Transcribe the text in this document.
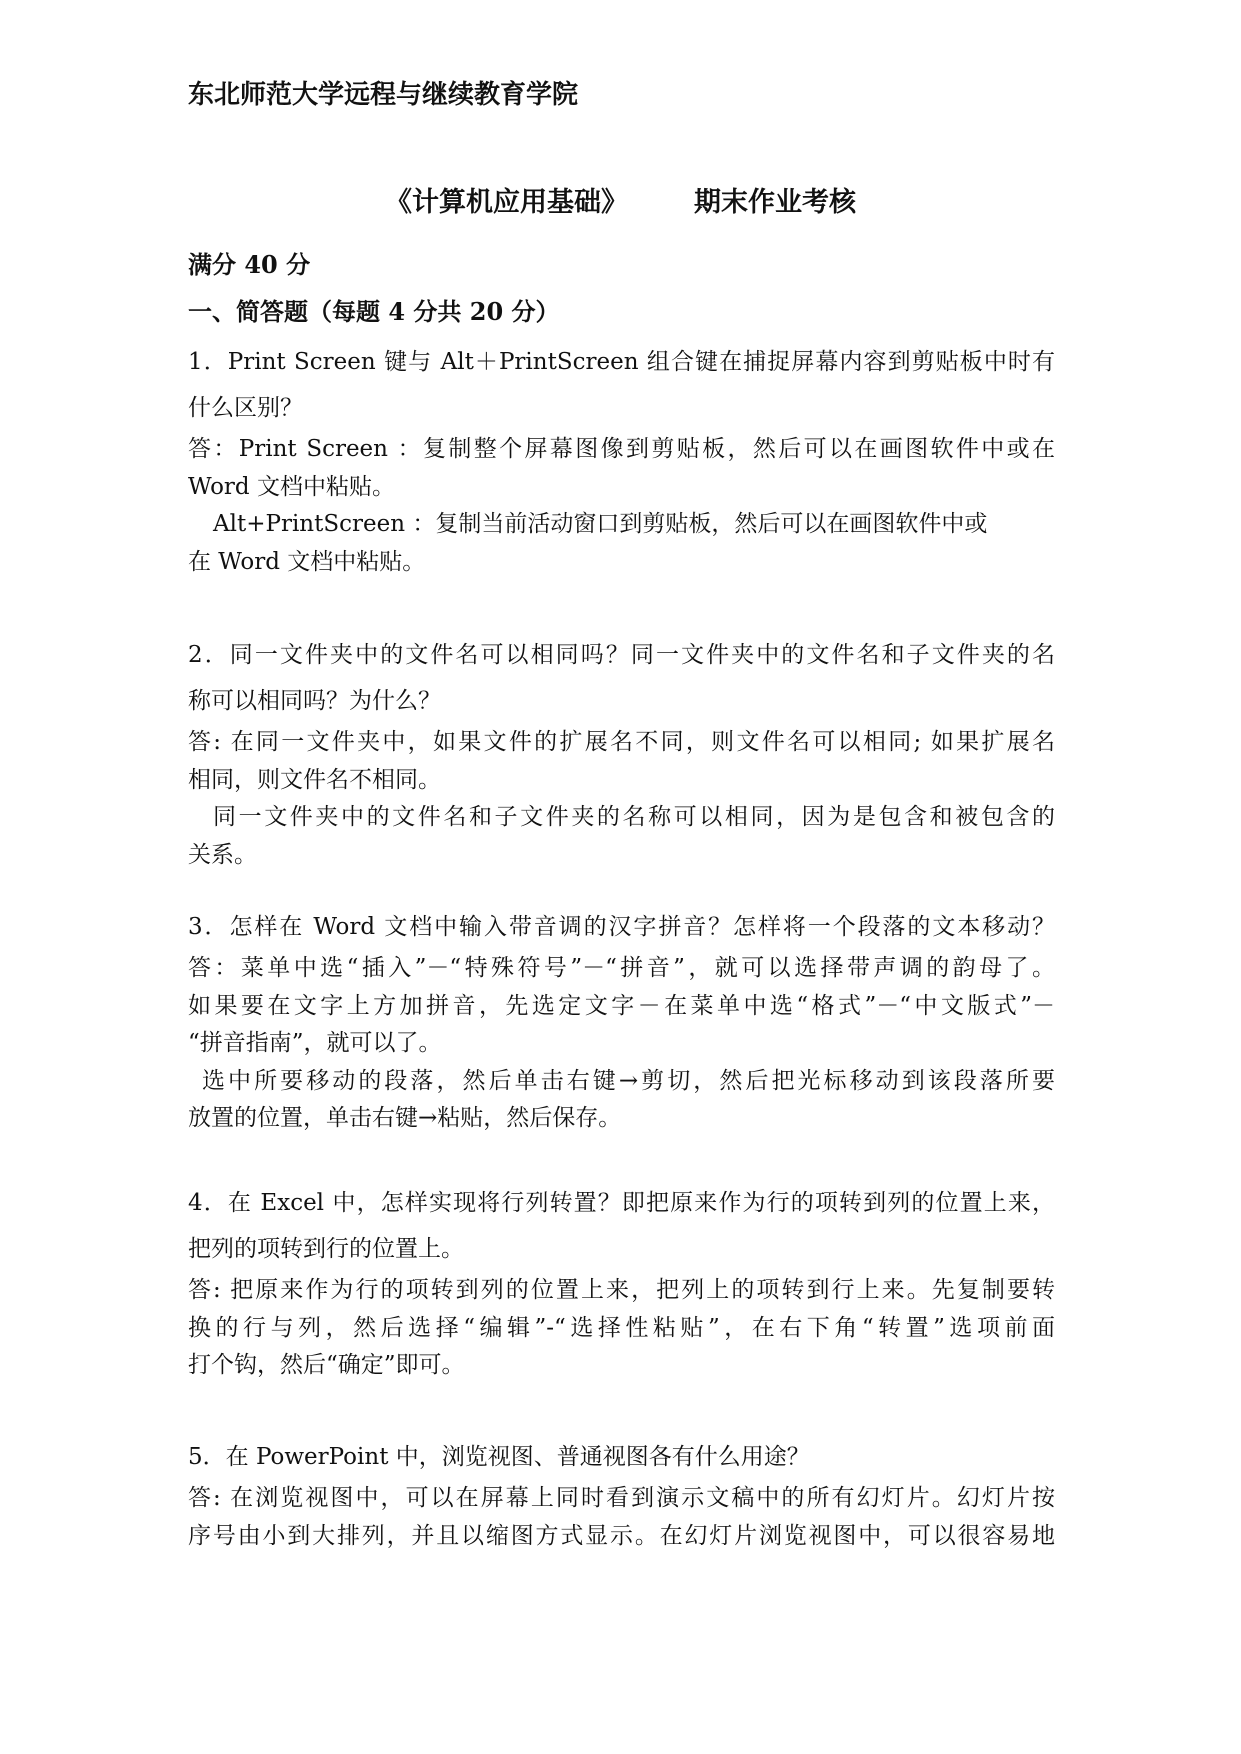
东北师范大学远程与继续教育学院
《计算机应用基础》 期末作业考核
满分 40 分
一、简答题（每题 4 分共 20 分）
1．Print Screen 键与 Alt＋PrintScreen 组合键在捕捉屏幕内容到剪贴板中时有
什么区别？
答：Print Screen ：复制整个屏幕图像到剪贴板，然后可以在画图软件中或在
Word 文档中粘贴。
Alt+PrintScreen ：复制当前活动窗口到剪贴板，然后可以在画图软件中或
在 Word 文档中粘贴。
2．同一文件夹中的文件名可以相同吗？同一文件夹中的文件名和子文件夹的名
称可以相同吗？为什么？
答: 在同一文件夹中，如果文件的扩展名不同，则文件名可以相同; 如果扩展名
相同，则文件名不相同。
同一文件夹中的文件名和子文件夹的名称可以相同，因为是包含和被包含的
关系。
3．怎样在 Word 文档中输入带音调的汉字拼音？怎样将一个段落的文本移动？
答：菜单中选“插入”－“特殊符号”－“拼音”，就可以选择带声调的韵母了。
如果要在文字上方加拼音，先选定文字－在菜单中选“格式”－“中文版式”－
“拼音指南”，就可以了。
选中所要移动的段落，然后单击右键→剪切，然后把光标移动到该段落所要
放置的位置，单击右键→粘贴，然后保存。
4．在 Excel 中，怎样实现将行列转置？即把原来作为行的项转到列的位置上来，
把列的项转到行的位置上。
答: 把原来作为行的项转到列的位置上来，把列上的项转到行上来。先复制要转
换的行与列，然后选择“编辑”-“选择性粘贴”，在右下角“转置”选项前面
打个钩，然后“确定”即可。
5．在 PowerPoint 中，浏览视图、普通视图各有什么用途？
答: 在浏览视图中，可以在屏幕上同时看到演示文稿中的所有幻灯片。幻灯片按
序号由小到大排列，并且以缩图方式显示。在幻灯片浏览视图中，可以很容易地
